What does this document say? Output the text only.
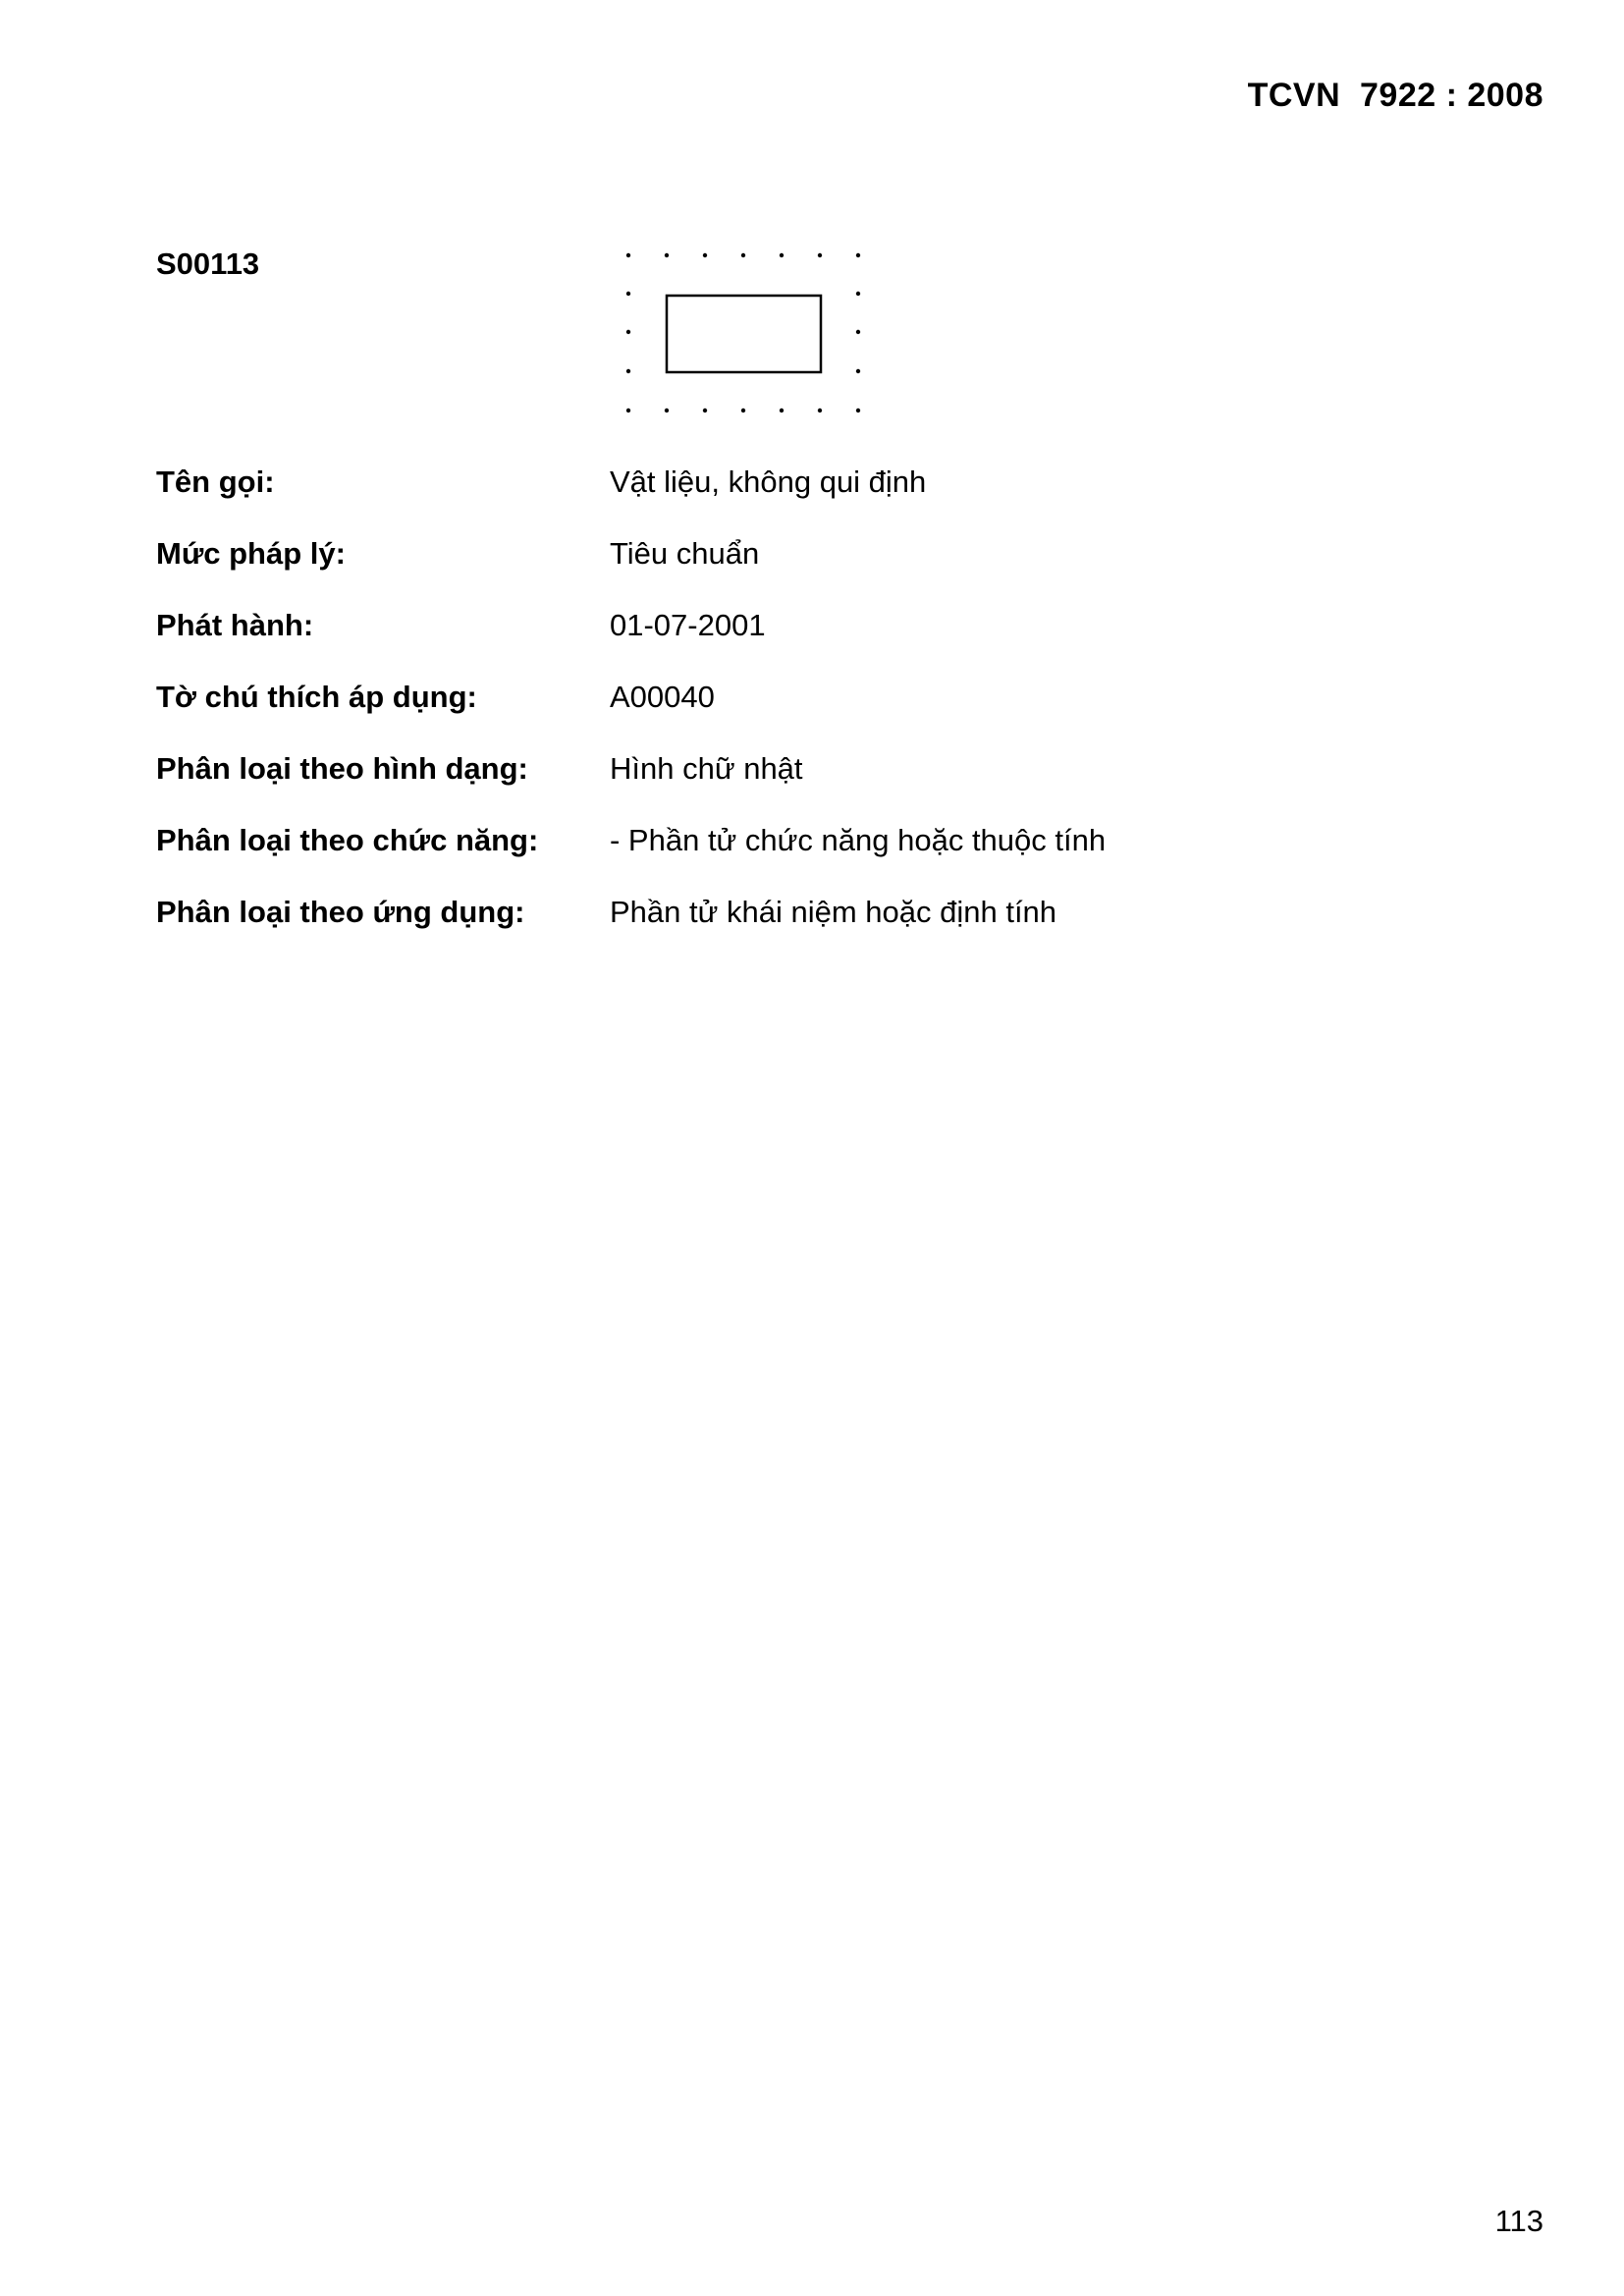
TCVN  7922 : 2008

S00113

Tên gọi:	Vật liệu, không qui định
Mức pháp lý:	Tiêu chuẩn
Phát hành:	01-07-2001
Tờ chú thích áp dụng:	A00040
Phân loại theo hình dạng:	Hình chữ nhật
Phân loại theo chức năng: - Phần tử chức năng hoặc thuộc tính
Phân loại theo ứng dụng:	Phần tử khái niệm hoặc định tính

113
